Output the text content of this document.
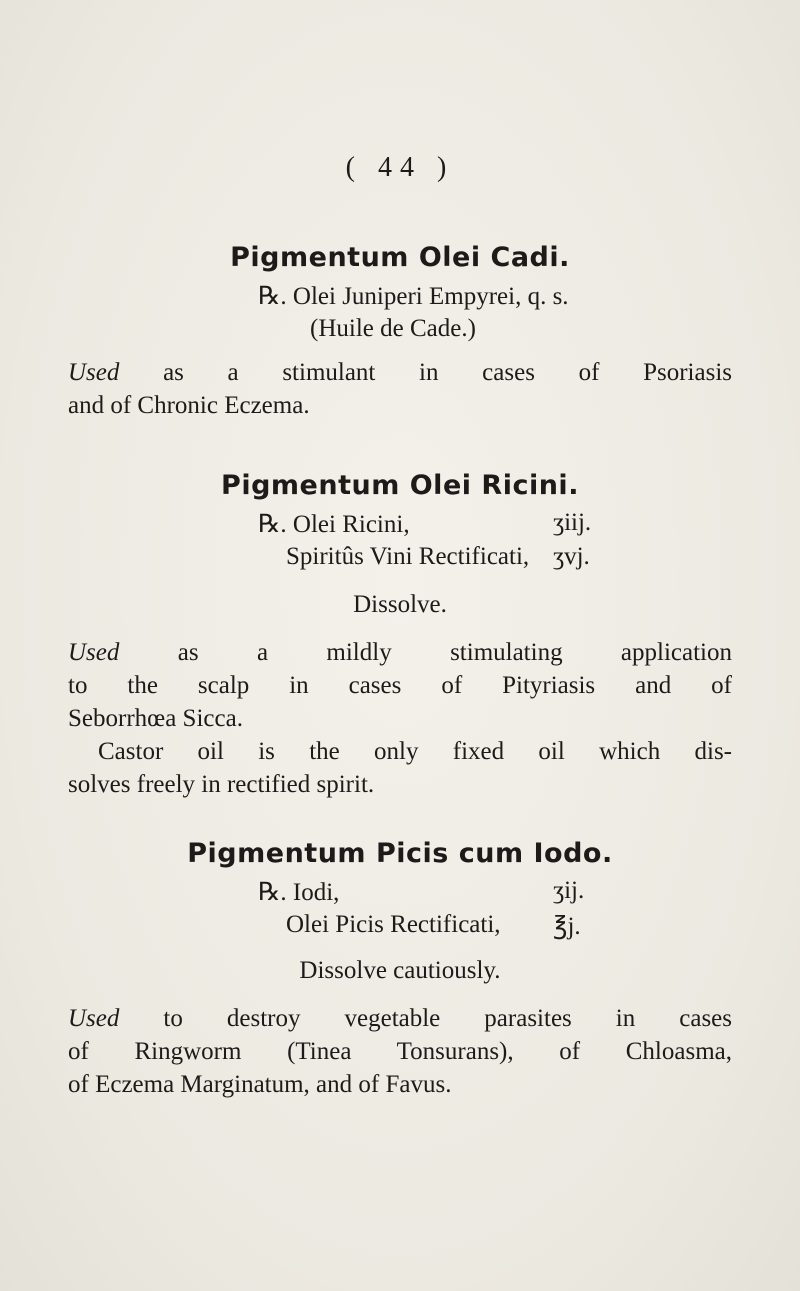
( 44 )
Pigmentum Olei Cadi.
℞. Olei Juniperi Empyrei, q. s.
(Huile de Cade.)
Used as a stimulant in cases of Psoriasis
and of Chronic Eczema.
Pigmentum Olei Ricini.
℞. Olei Ricini,	ʒiij.
Spiritûs Vini Rectificati, ʒvj.
Dissolve.
Used as a mildly stimulating application
to the scalp in cases of Pityriasis and of
Seborrhœa Sicca.
Castor oil is the only fixed oil which dis-
solves freely in rectified spirit.
Pigmentum Picis cum Iodo.
℞. Iodi,	ʒij.
Olei Picis Rectificati, ℥j.
Dissolve cautiously.
Used to destroy vegetable parasites in cases
of Ringworm (Tinea Tonsurans), of Chloasma,
of Eczema Marginatum, and of Favus.
